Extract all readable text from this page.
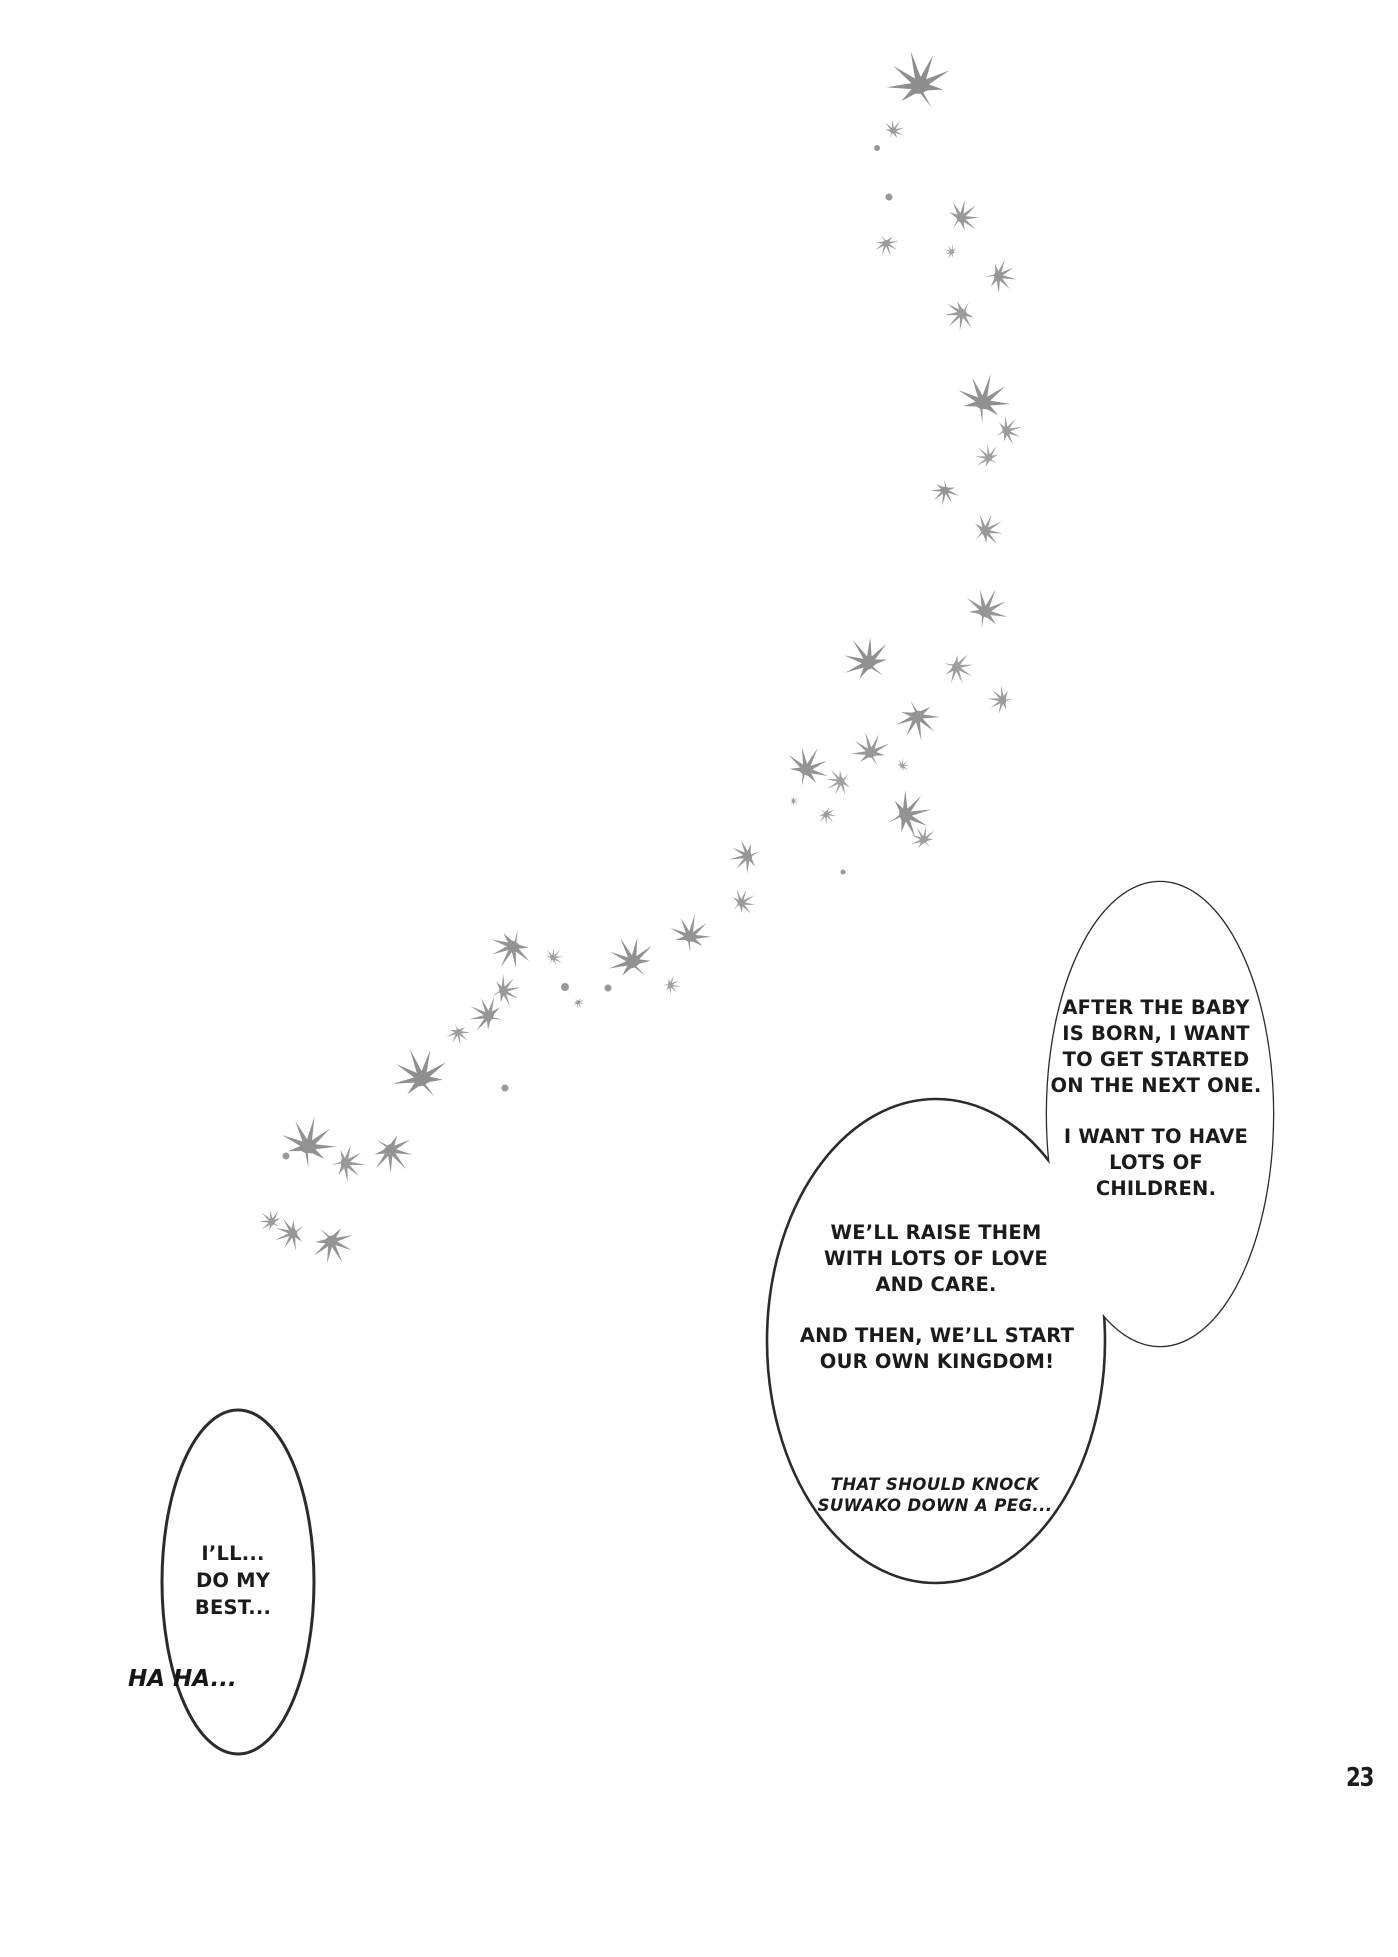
AFTER THE BABY
IS BORN, I WANT
TO GET STARTED
ON THE NEXT ONE.
I WANT TO HAVE
LOTS OF
CHILDREN.
WE’LL RAISE THEM
WITH LOTS OF LOVE
AND CARE.
AND THEN, WE’LL START
OUR OWN KINGDOM!
THAT SHOULD KNOCK
SUWAKO DOWN A PEG...
I’LL...
DO MY
BEST...
HA HA...
23
